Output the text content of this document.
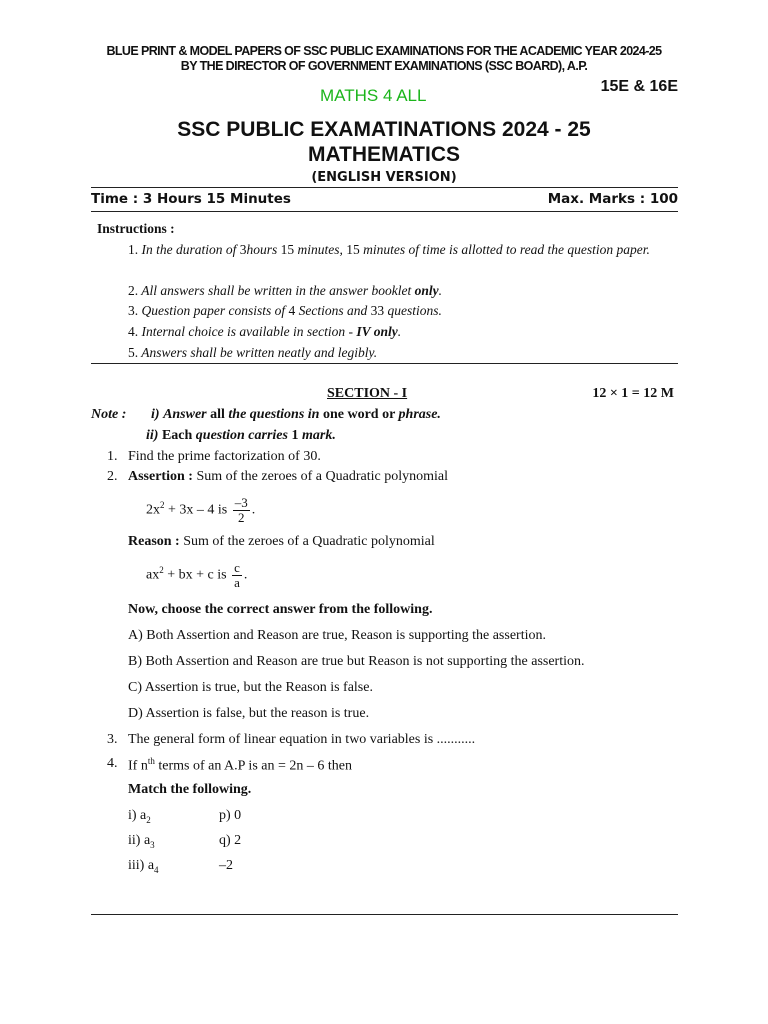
BLUE PRINT & MODEL PAPERS OF SSC PUBLIC EXAMINATIONS FOR THE ACADEMIC YEAR 2024-25
BY THE DIRECTOR OF GOVERNMENT EXAMINATIONS (SSC BOARD), A.P.
MATHS 4 ALL	15E & 16E
SSC PUBLIC EXAMATINATIONS 2024 - 25
MATHEMATICS
(ENGLISH VERSION)
Time : 3 Hours 15 Minutes	Max. Marks : 100
Instructions :
1. In the duration of 3hours 15 minutes, 15 minutes of time is allotted to read the question paper.
2. All answers shall be written in the answer booklet only.
3. Question paper consists of 4 Sections and 33 questions.
4. Internal choice is available in section - IV only.
5. Answers shall be written neatly and legibly.
SECTION - I	12 × 1 = 12 M
Note : i) Answer all the questions in one word or phrase.
ii) Each question carries 1 mark.
1. Find the prime factorization of 30.
2. Assertion : Sum of the zeroes of a Quadratic polynomial
$2x^2 + 3x - 4$ is $\frac{-3}{2}$ .
Reason : Sum of the zeroes of a Quadratic polynomial
$ax^2$ + bx + c is $\frac{c}{a}$ .
Now, choose the correct answer from the following.
A) Both Assertion and Reason are true, Reason is supporting the assertion.
B) Both Assertion and Reason are true but Reason is not supporting the assertion.
C) Assertion is true, but the Reason is false.
D) Assertion is false, but the reason is true.
3. The general form of linear equation in two variables is ...........
4. If $n^{th}$ terms of an A.P is an = 2n – 6 then
Match the following.
i) $a_2$	p) 0
ii) $a_3$	q) 2
iii) $a_4$	–2
